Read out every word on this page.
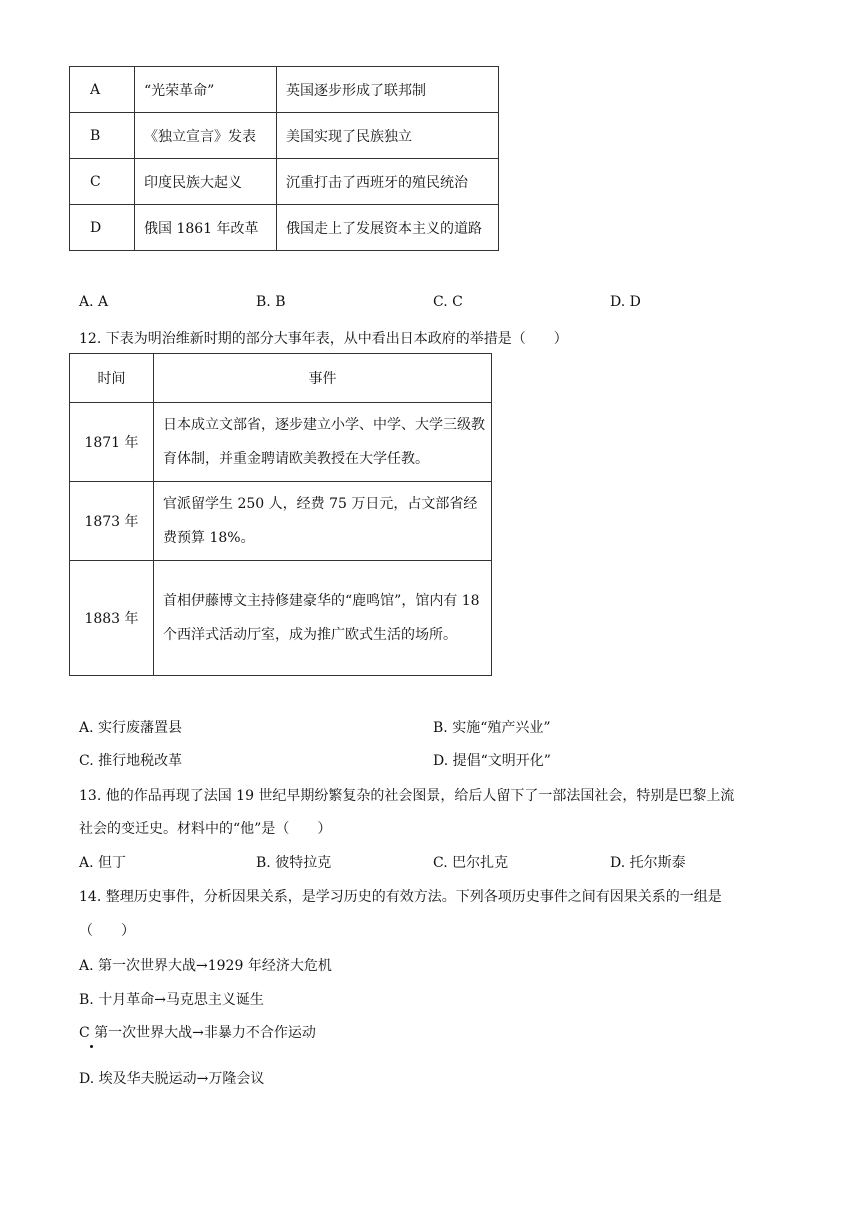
A	“光荣革命”	英国逐步形成了联邦制
B	《独立宣言》发表	美国实现了民族独立
C	印度民族大起义	沉重打击了西班牙的殖民统治
D	俄国 1861 年改革	俄国走上了发展资本主义的道路
A. A	B. B	C. C	D. D
12. 下表为明治维新时期的部分大事年表，从中看出日本政府的举措是（　　）
时间	事件
1871 年	日本成立文部省，逐步建立小学、中学、大学三级教育体制，并重金聘请欧美教授在大学任教。
1873 年	官派留学生 250 人，经费 75 万日元，占文部省经费预算 18%。
1883 年	首相伊藤博文主持修建豪华的“鹿鸣馆”，馆内有 18 个西洋式活动厅室，成为推广欧式生活的场所。
A. 实行废藩置县	B. 实施“殖产兴业”
C. 推行地税改革	D. 提倡“文明开化”
13. 他的作品再现了法国 19 世纪早期纷繁复杂的社会图景，给后人留下了一部法国社会，特别是巴黎上流
社会的变迁史。材料中的“他”是（　　）
A. 但丁	B. 彼特拉克	C. 巴尔扎克	D. 托尔斯泰
14. 整理历史事件，分析因果关系，是学习历史的有效方法。下列各项历史事件之间有因果关系的一组是
（　　）
A. 第一次世界大战→1929 年经济大危机
B. 十月革命→马克思主义诞生
C 第一次世界大战→非暴力不合作运动
D. 埃及华夫脱运动→万隆会议
